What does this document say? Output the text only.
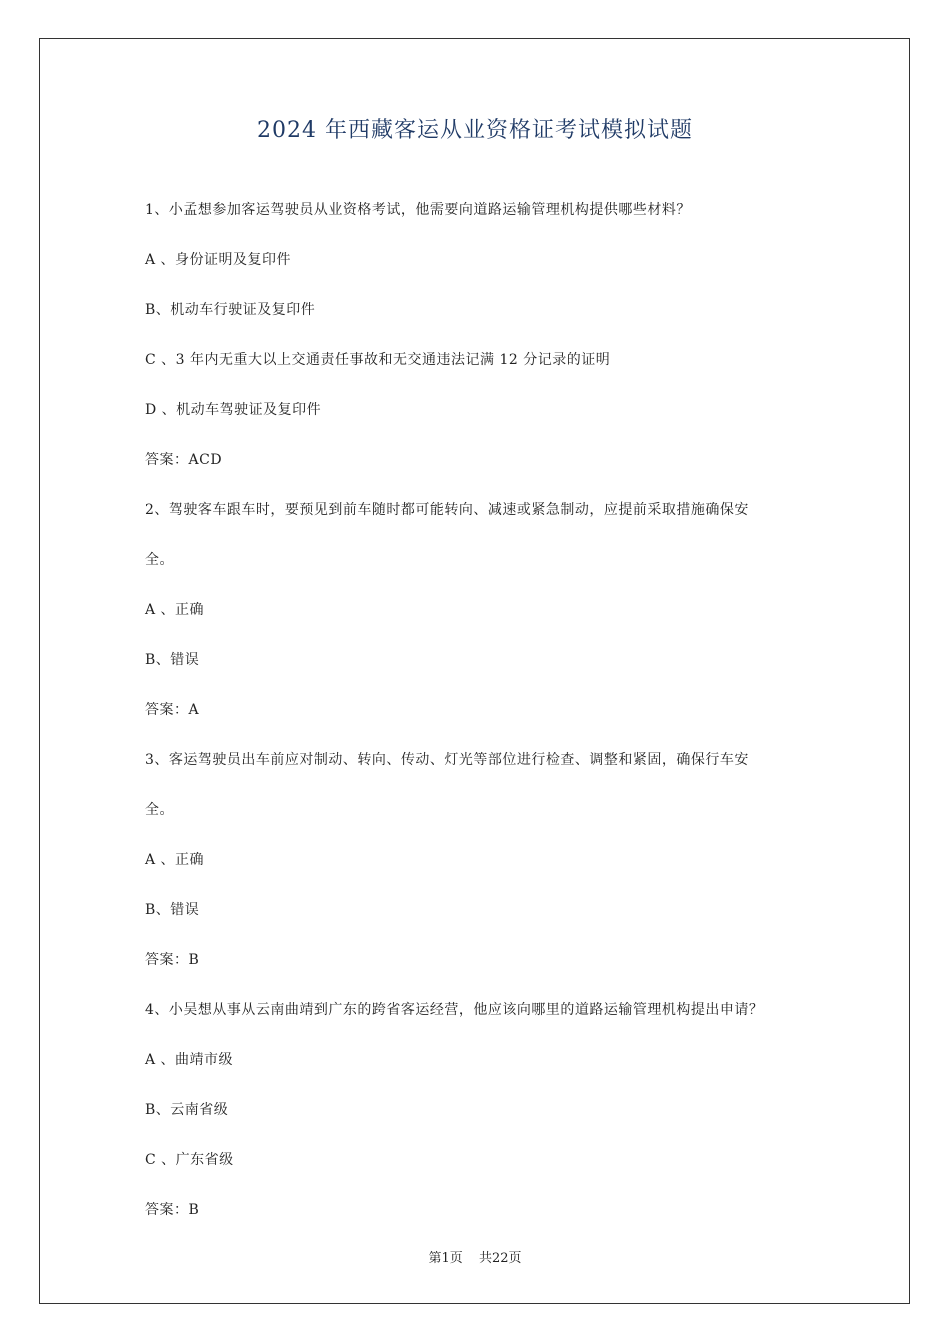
2024 年西藏客运从业资格证考试模拟试题
1、小孟想参加客运驾驶员从业资格考试，他需要向道路运输管理机构提供哪些材料？
A 、身份证明及复印件
B、机动车行驶证及复印件
C 、3 年内无重大以上交通责任事故和无交通违法记满 12 分记录的证明
D 、机动车驾驶证及复印件
答案：ACD
2、驾驶客车跟车时，要预见到前车随时都可能转向、减速或紧急制动，应提前采取措施确保安
全。
A 、正确
B、错误
答案：A
3、客运驾驶员出车前应对制动、转向、传动、灯光等部位进行检查、调整和紧固，确保行车安
全。
A 、正确
B、错误
答案：B
4、小吴想从事从云南曲靖到广东的跨省客运经营，他应该向哪里的道路运输管理机构提出申请？
A 、曲靖市级
B、云南省级
C 、广东省级
答案：B
第1页 共22页
